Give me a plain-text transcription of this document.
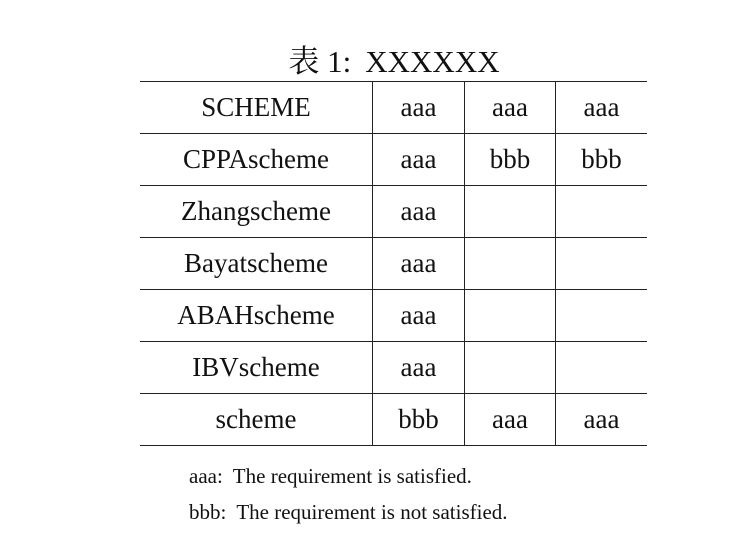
表 1: XXXXXX
SCHEME	aaa	aaa	aaa
CPPAscheme	aaa	bbb	bbb
Zhangscheme	aaa		
Bayatscheme	aaa		
ABAHscheme	aaa		
IBVscheme	aaa		
scheme	bbb	aaa	aaa
aaa: The requirement is satisfied.
bbb: The requirement is not satisfied.
